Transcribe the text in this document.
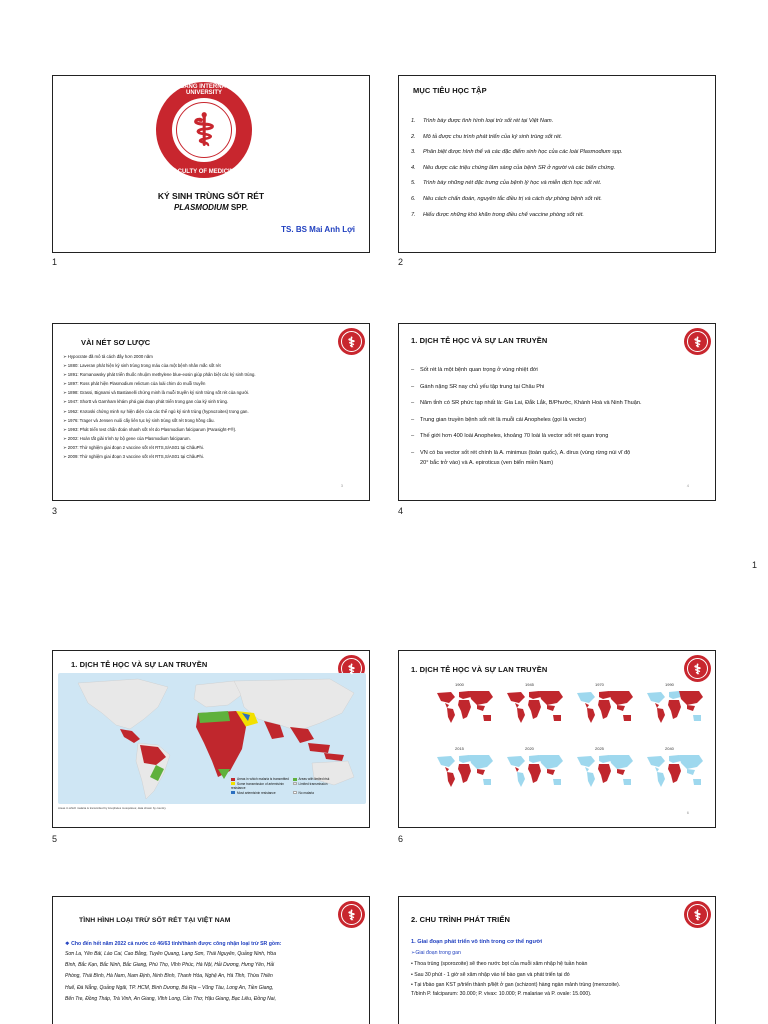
1
HONG BANG INTERNATIONAL UNIVERSITY
⚕
FACULTY OF MEDICINE
KÝ SINH TRÙNG SỐT RÉT
PLASMODIUM SPP.
TS. BS Mai Anh Lợi
1
MỤC TIÊU HỌC TẬP
1.	Trình bày được tình hình loại trừ sốt rét tại Việt Nam.
2.	Mô tả được chu trình phát triển của ký sinh trùng sốt rét.
3.	Phân biệt được hình thể và các đặc điểm sinh học của các loài Plasmodium spp.
4.	Nêu được các triệu chứng lâm sàng của bệnh SR ở người và các biến chứng.
5.	Trình bày những nét đặc trưng của bệnh lý học và miễn dịch học sốt rét.
6.	Nêu cách chẩn đoán, nguyên tắc điều trị và cách dự phòng bệnh sốt rét.
7.	Hiểu được những khó khăn trong điều chế vaccine phòng sốt rét.
2
⚕
VÀI NÉT SƠ LƯỢC
➢ Hypocrate đã mô tả cách đây hơn 2000 năm
➢ 1880: Laveran phát hiện ký sinh trùng trong máu của một bệnh nhân mắc sốt rét
➢ 1891: Romanowsky phát triển thuốc nhuộm methylene blue-eosin giúp phân biệt các ký sinh trùng.
➢ 1897: Ross phát hiện Plasmodium relictum của loài chim do muỗi truyền
➢ 1898: Grassi, Bignami và Bastianelli chứng minh là muỗi truyền ký sinh trùng sốt rét của người.
➢ 1947: Shortt và Garnham khám phá giai đoạn phát triển trong gan của ký sinh trùng.
➢ 1962: Krotoski chứng minh sự hiện diện của các thể ngủ ký sinh trùng (hypnozoites) trong gan.
➢ 1976: Trager và Jensen nuôi cấy liên tục ký sinh trùng sốt rét trong hồng cầu.
➢ 1993: Phát triển test chẩn đoán nhanh sốt rét do Plasmodium falciparum (Parasight-F®).
➢ 2002: Hoàn tất giải trình tự bộ gene của Plasmodium falciparum.
➢ 2007: Thử nghiệm giai đoạn 2 vaccine sốt rét RTS,S/AS01 tại ChâuPhi.
➢ 2009: Thử nghiệm giai đoạn 3 vaccine sốt rét RTS,S/AS01 tại ChâuPhi.
3
3
⚕
1. DỊCH TỄ HỌC VÀ SỰ LAN TRUYỀN
– Sốt rét là một bệnh quan trọng ở vùng nhiệt đới
– Gánh nặng SR nay chủ yếu tập trung tại Châu Phi
– Năm tỉnh có SR phức tạp nhất là: Gia Lai, Đắk Lắk, B/Phước, Khánh Hoà và Ninh Thuận.
– Trung gian truyền bệnh sốt rét là muỗi cái Anopheles (gọi là vector)
– Thế giới hơn 400 loài Anopheles, khoảng 70 loài là vector sốt rét quan trọng
– VN có ba vector sốt rét chính là A. minimus (toàn quốc), A. dirus (vùng rừng núi vĩ độ
20° bắc trở vào) và A. epiroticus (ven biển miền Nam)
4
4
⚕
1. DỊCH TỄ HỌC VÀ SỰ LAN TRUYỀN
Areas in which malaria is transmitted	Areas with limited risk
Some transmission of artemisinin resistance
Limited transmission
Most artemisinin resistance	No malaria
Areas in which malaria is transmitted by Anopheles mosquitoes; data shown by country.
5
⚕
1. DỊCH TỄ HỌC VÀ SỰ LAN TRUYỀN
1900	1945	1970	1990
2015	2020	2025	2040
6
6
⚕
TÌNH HÌNH LOẠI TRỪ SỐT RÉT TẠI VIỆT NAM
❖ Cho đến hết năm 2022 cả nước có 46/63 tỉnh/thành được công nhận loại trừ SR gồm:
Sơn La, Yên Bái, Lào Cai, Cao Bằng, Tuyên Quang, Lạng Sơn, Thái Nguyên, Quảng Ninh, Hòa
Bình, Bắc Kạn, Bắc Ninh, Bắc Giang, Phú Thọ, Vĩnh Phúc, Hà Nội, Hải Dương, Hưng Yên, Hải
Phòng, Thái Bình, Hà Nam, Nam Định, Ninh Bình, Thanh Hóa, Nghệ An, Hà Tĩnh, Thừa Thiên
Huế, Đà Nẵng, Quảng Ngãi, TP. HCM, Bình Dương, Bà Rịa – Vũng Tàu, Long An, Tiền Giang,
Bến Tre, Đồng Tháp, Trà Vinh, An Giang, Vĩnh Long, Cần Thơ, Hậu Giang, Bạc Liêu, Đồng Nai,
⚕
2. CHU TRÌNH PHÁT TRIỂN
1. Giai đoạn phát triển vô tính trong cơ thể người
➢Giai đoạn trong gan
• Thoa trùng (sporozoite) sẽ theo nước bọt của muỗi xâm nhập hệ tuần hoàn
• Sau 30 phút - 1 giờ sẽ xâm nhập vào tế bào gan và phát triển tại đó
• Tại t/bào gan KST p/triển thành p/liệt ở gan (schizont) hàng ngàn mảnh trùng (merozoite).
T/bình P. falciparum: 30.000; P. vivax: 10.000; P. malariae và P. ovale: 15.000).
